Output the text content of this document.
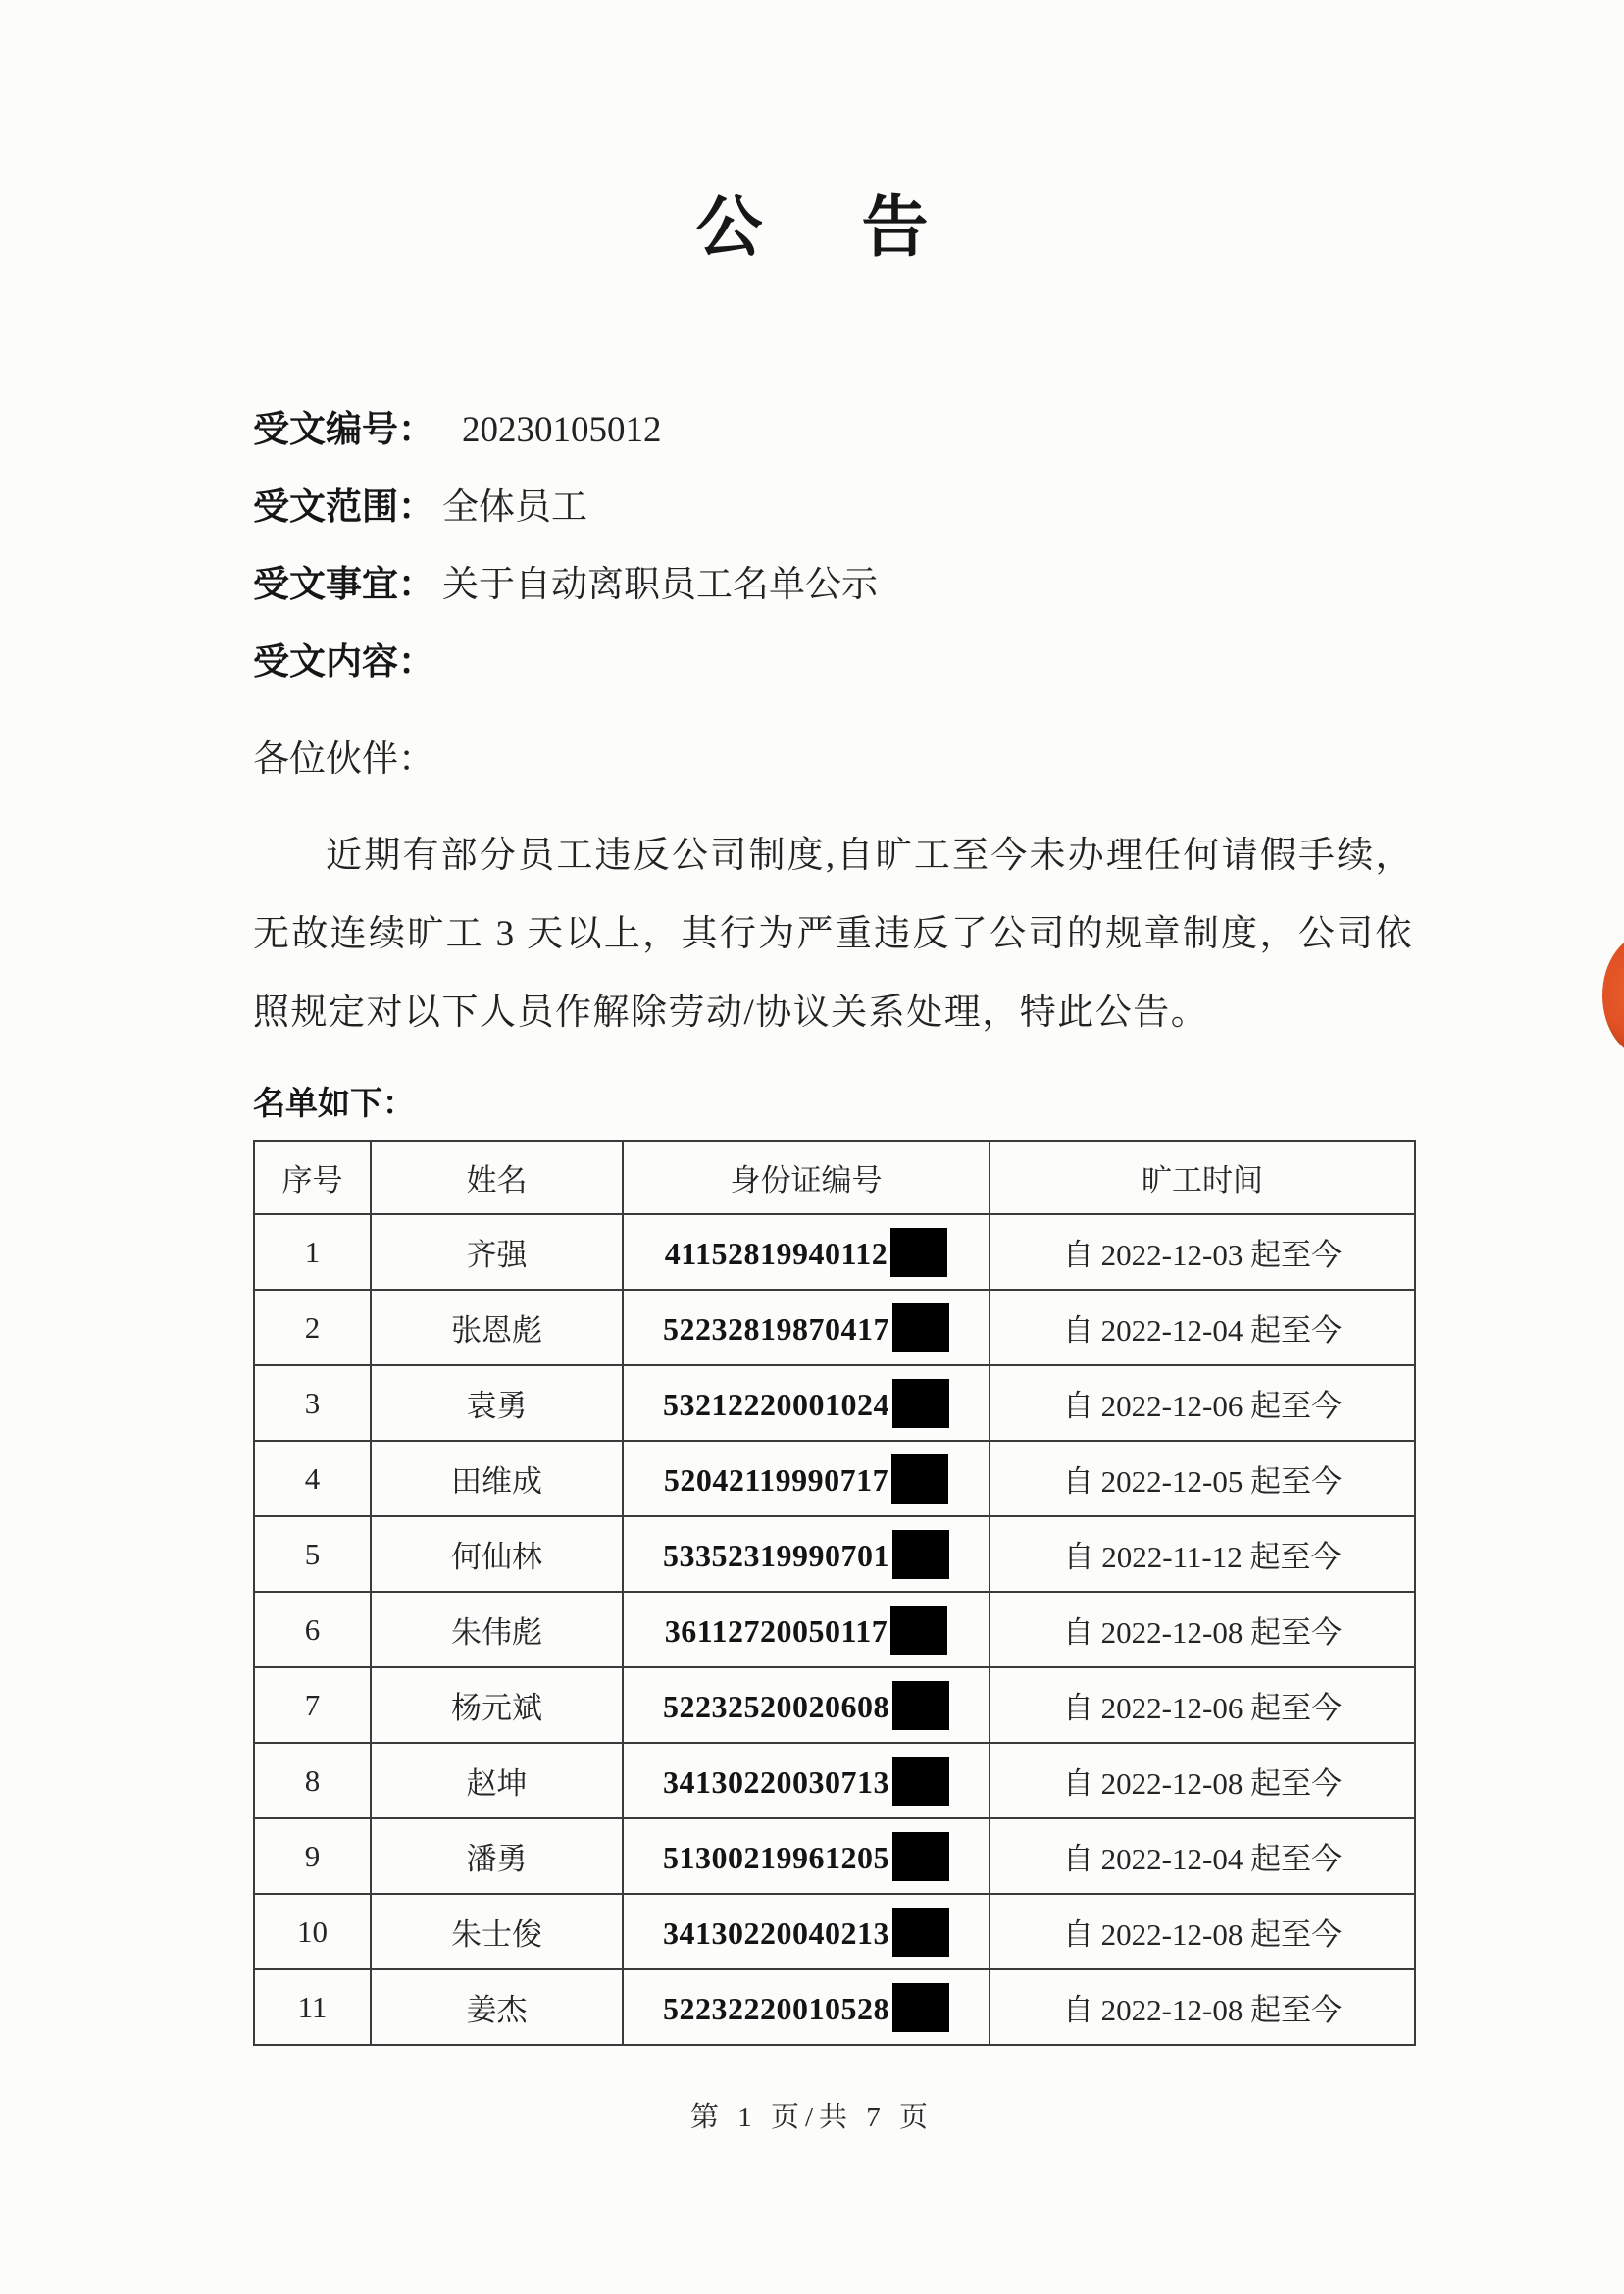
公 告
受文编号： 20230105012
受文范围： 全体员工
受文事宜： 关于自动离职员工名单公示
受文内容：
各位伙伴：
近期有部分员工违反公司制度,自旷工至今未办理任何请假手续，无故连续旷工 3 天以上，其行为严重违反了公司的规章制度，公司依照规定对以下人员作解除劳动/协议关系处理，特此公告。
名单如下：
序号	姓名	身份证编号	旷工时间
1	齐强	41152819940112	自 2022-12-03 起至今
2	张恩彪	52232819870417	自 2022-12-04 起至今
3	袁勇	53212220001024	自 2022-12-06 起至今
4	田维成	52042119990717	自 2022-12-05 起至今
5	何仙林	53352319990701	自 2022-11-12 起至今
6	朱伟彪	36112720050117	自 2022-12-08 起至今
7	杨元斌	52232520020608	自 2022-12-06 起至今
8	赵坤	34130220030713	自 2022-12-08 起至今
9	潘勇	51300219961205	自 2022-12-04 起至今
10	朱士俊	34130220040213	自 2022-12-08 起至今
11	姜杰	52232220010528	自 2022-12-08 起至今
第 1 页/共 7 页
